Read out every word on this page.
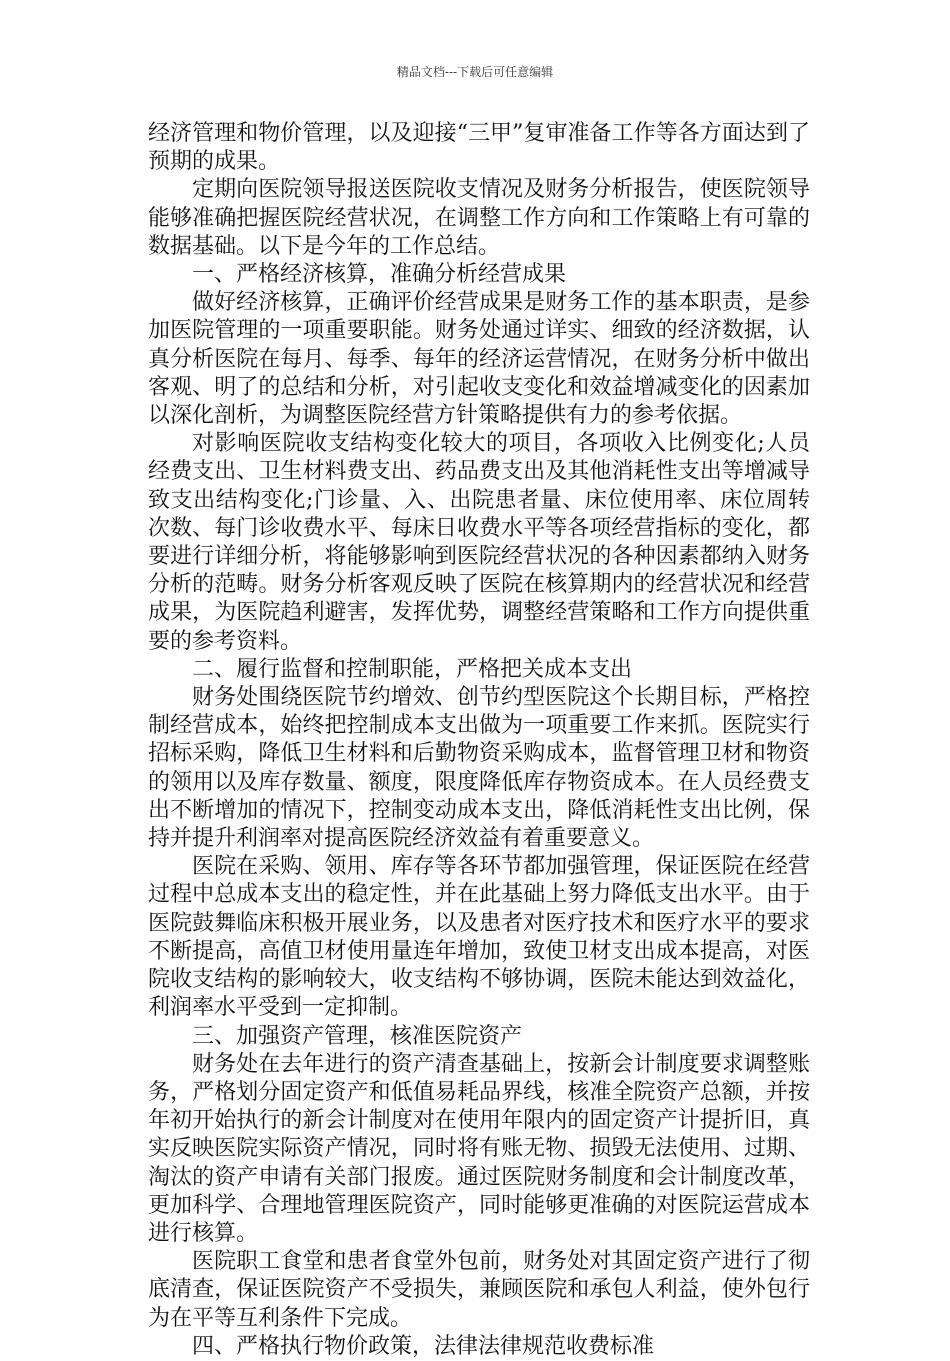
精品文档---下载后可任意编辑

经济管理和物价管理，以及迎接“三甲”复审准备工作等各方面达到了预期的成果。

定期向医院领导报送医院收支情况及财务分析报告，使医院领导能够准确把握医院经营状况，在调整工作方向和工作策略上有可靠的数据基础。以下是今年的工作总结。

一、严格经济核算，准确分析经营成果

做好经济核算，正确评价经营成果是财务工作的基本职责，是参加医院管理的一项重要职能。财务处通过详实、细致的经济数据，认真分析医院在每月、每季、每年的经济运营情况，在财务分析中做出客观、明了的总结和分析，对引起收支变化和效益增减变化的因素加以深化剖析，为调整医院经营方针策略提供有力的参考依据。

对影响医院收支结构变化较大的项目，各项收入比例变化;人员经费支出、卫生材料费支出、药品费支出及其他消耗性支出等增减导致支出结构变化;门诊量、入、出院患者量、床位使用率、床位周转次数、每门诊收费水平、每床日收费水平等各项经营指标的变化，都要进行详细分析，将能够影响到医院经营状况的各种因素都纳入财务分析的范畴。财务分析客观反映了医院在核算期内的经营状况和经营成果，为医院趋利避害，发挥优势，调整经营策略和工作方向提供重要的参考资料。

二、履行监督和控制职能，严格把关成本支出

财务处围绕医院节约增效、创节约型医院这个长期目标，严格控制经营成本，始终把控制成本支出做为一项重要工作来抓。医院实行招标采购，降低卫生材料和后勤物资采购成本，监督管理卫材和物资的领用以及库存数量、额度，限度降低库存物资成本。在人员经费支出不断增加的情况下，控制变动成本支出，降低消耗性支出比例，保持并提升利润率对提高医院经济效益有着重要意义。

医院在采购、领用、库存等各环节都加强管理，保证医院在经营过程中总成本支出的稳定性，并在此基础上努力降低支出水平。由于医院鼓舞临床积极开展业务，以及患者对医疗技术和医疗水平的要求不断提高，高值卫材使用量连年增加，致使卫材支出成本提高，对医院收支结构的影响较大，收支结构不够协调，医院未能达到效益化，利润率水平受到一定抑制。

三、加强资产管理，核准医院资产

财务处在去年进行的资产清查基础上，按新会计制度要求调整账务，严格划分固定资产和低值易耗品界线，核准全院资产总额，并按年初开始执行的新会计制度对在使用年限内的固定资产计提折旧，真实反映医院实际资产情况，同时将有账无物、损毁无法使用、过期、淘汰的资产申请有关部门报废。通过医院财务制度和会计制度改革，更加科学、合理地管理医院资产，同时能够更准确的对医院运营成本进行核算。

医院职工食堂和患者食堂外包前，财务处对其固定资产进行了彻底清查，保证医院资产不受损失，兼顾医院和承包人利益，使外包行为在平等互利条件下完成。

四、严格执行物价政策，法律法律规范收费标准
